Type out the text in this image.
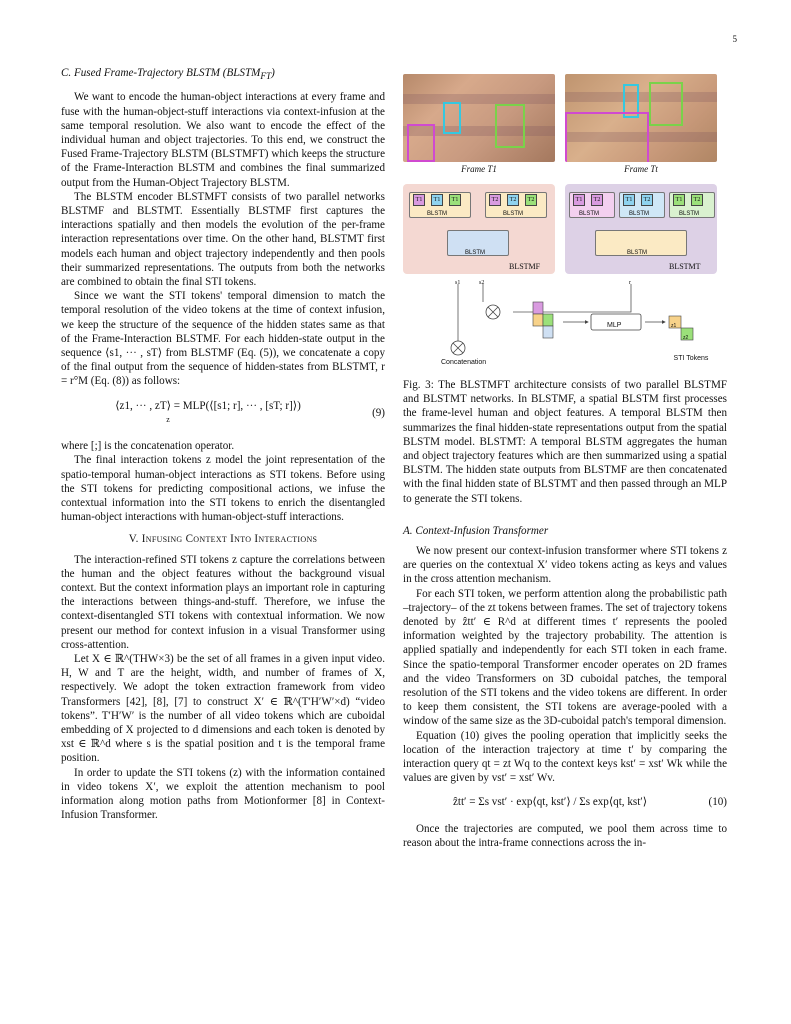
5
C. Fused Frame-Trajectory BLSTM $(BLSTM_{FT})$

We want to encode the human-object interactions at every frame and fuse with the human-object-stuff interactions via context-infusion at the same temporal resolution. We also want to encode the effect of the individual human and object trajectories. To this end, we construct the Fused Frame-Trajectory BLSTM (BLSTMFT) which keeps the structure of the Frame-Interaction BLSTM and combines the final summarized output from the Human-Object Trajectory BLSTM.

The BLSTM encoder BLSTMFT consists of two parallel networks BLSTMF and BLSTMT. Essentially BLSTMF first captures the interactions spatially and then models the evolution of the per-frame interaction representations over time. On the other hand, BLSTMT first models each human and object trajectory independently and then pools their summarized representations. The outputs from both the networks are combined to obtain the final STI tokens.

Since we want the STI tokens' temporal dimension to match the temporal resolution of the video tokens at the time of context infusion, we keep the structure of the sequence of the hidden states same as that of the Frame-Interaction BLSTMF. For each hidden-state output in the sequence ⟨s1, ··· , sT⟩ from BLSTMF (Eq. (5)), we concatenate a copy of the final output from the sequence of hidden-states from BLSTMT, r = r°M (Eq. (8)) as follows:

⟨z1, ··· , zT⟩ = MLP(⟨[s1; r], ··· , [sT; r]⟩)
z
(9)

where [;] is the concatenation operator.

The final interaction tokens z model the joint representation of the spatio-temporal human-object interactions as STI tokens. Before using the STI tokens for predicting compositional actions, we infuse the contextual information into the STI tokens to enrich the disentangled human-object interactions with human-object-stuff interactions.

V. Infusing Context Into Interactions

The interaction-refined STI tokens z capture the correlations between the human and the object features without the background visual context. But the context information plays an important role in capturing the interactions between things-and-stuff. Therefore, we infuse the context-disentangled STI tokens with contextual information. We now present our method for context infusion in a visual Transformer using cross-attention.

Let X ∈ ℝ^(THW×3) be the set of all frames in a given input video. H, W and T are the height, width, and number of frames of X, respectively. We adopt the token extraction framework from video Transformers [42], [8], [7] to construct X′ ∈ ℝ^(T′H′W′×d) “video tokens”. T′H′W′ is the number of all video tokens which are cuboidal embedding of X projected to d dimensions and each token is denoted by xst ∈ ℝ^d where s is the spatial position and t is the temporal frame position.

In order to update the STI tokens (z) with the information contained in video tokens X′, we exploit the attention mechanism to pool information along motion paths from Motionformer [8] in Context-Infusion Transformer.

Frame T1	Frame Tt
T1	T1	T1	T2	T2	T2
BLSTM	BLSTM
BLSTM
BLSTMF
T1	T2	T1	T2	T1	T2
BLSTM	BLSTM	BLSTM
BLSTM
BLSTMT
s1	s2	r
MLP	z1
z2
Concatenation
STI Tokens
Fig. 3: The BLSTMFT architecture consists of two parallel BLSTMF and BLSTMT networks. In BLSTMF, a spatial BLSTM first processes the frame-level human and object features. A temporal BLSTM then summarizes the final hidden-state representations output from the spatial BLSTM model. BLSTMT: A temporal BLSTM aggregates the human and object trajectory features which are then summarized using a spatial BLSTM. The hidden state outputs from BLSTMF are then concatenated with the final hidden state of BLSTMT and then passed through an MLP to generate the STI tokens.
A. Context-Infusion Transformer

We now present our context-infusion transformer where STI tokens z are queries on the contextual X′ video tokens acting as keys and values in the cross attention mechanism.

For each STI token, we perform attention along the probabilistic path –trajectory– of the zt tokens between frames. The set of trajectory tokens denoted by ẑtt′ ∈ R^d at different times t′ represents the pooled information weighted by the trajectory probability. The attention is applied spatially and independently for each STI token in each frame. Since the spatio-temporal Transformer encoder operates on 2D frames and the video Transformers on 3D cuboidal patches, the temporal resolution of the STI tokens and the video tokens are different. In order to keep them consistent, the STI tokens are average-pooled with a window of the same size as the 3D-cuboidal patch's temporal dimension.

Equation (10) gives the pooling operation that implicitly seeks the location of the interaction trajectory at time t′ by comparing the interaction query qt = zt Wq to the context keys kst′ = xst′ Wk while the values are given by vst′ = xst′ Wv.

ẑtt′ = Σs vst′ · exp⟨qt, kst′⟩ / Σs exp⟨qt, kst′⟩	(10)

Once the trajectories are computed, we pool them across time to reason about the intra-frame connections across the in-
